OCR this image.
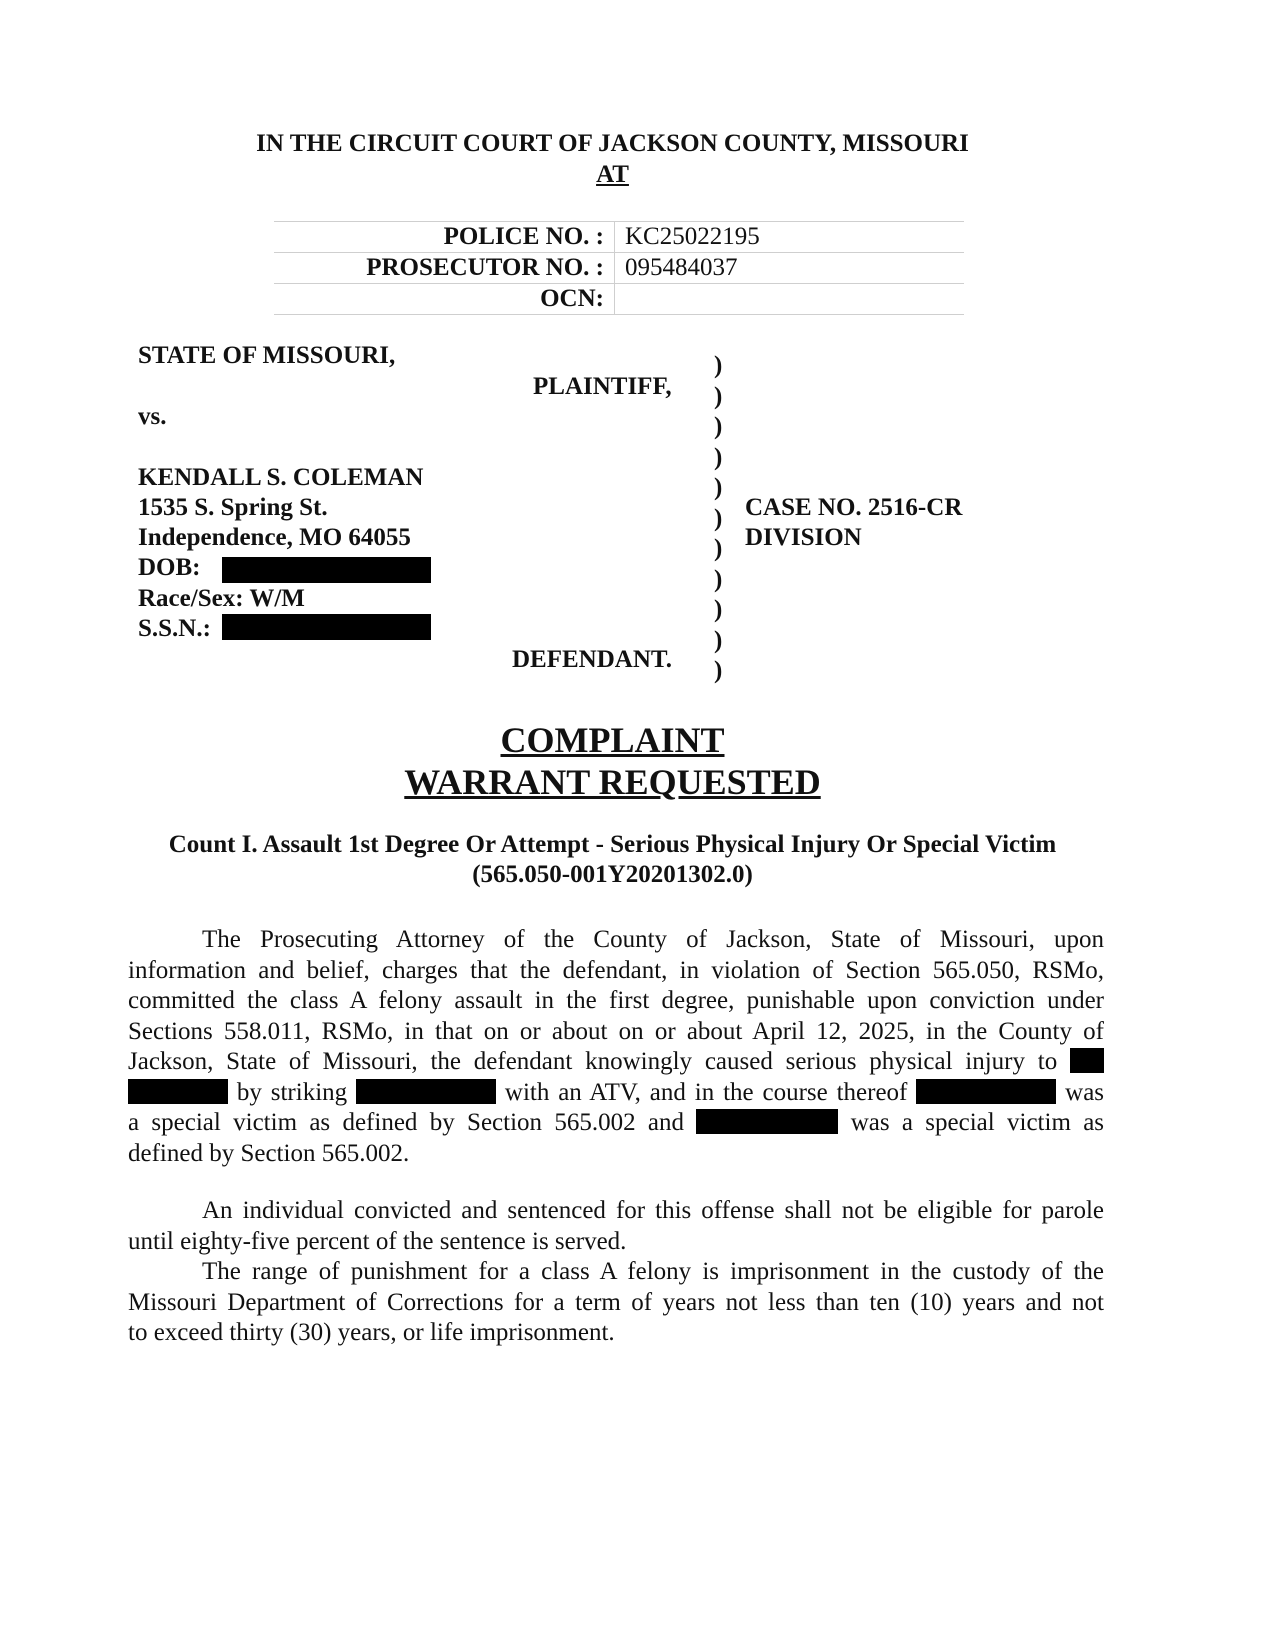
IN THE CIRCUIT COURT OF JACKSON COUNTY, MISSOURI
AT
POLICE NO. :	KC25022195
PROSECUTOR NO. :	095484037
OCN:	
STATE OF MISSOURI,
PLAINTIFF,
vs.
KENDALL S. COLEMAN
1535 S. Spring St.
Independence, MO 64055
DOB:
Race/Sex: W/M
S.S.N.:
DEFENDANT.
)
)
)
)
)
)
)
)
)
)
)
CASE NO. 2516-CR
DIVISION
COMPLAINT
WARRANT REQUESTED
Count I. Assault 1st Degree Or Attempt - Serious Physical Injury Or Special Victim
(565.050-001Y20201302.0)
The Prosecuting Attorney of the County of Jackson, State of Missouri, upon
information and belief, charges that the defendant, in violation of Section 565.050, RSMo,
committed the class A felony assault in the first degree, punishable upon conviction under
Sections 558.011, RSMo, in that on or about on or about April 12, 2025, in the County of
Jackson, State of Missouri, the defendant knowingly caused serious physical injury to
by striking	with an ATV, and in the course thereof	was
a special victim as defined by Section 565.002 and	was a special victim as
defined by Section 565.002.
An individual convicted and sentenced for this offense shall not be eligible for parole
until eighty-five percent of the sentence is served.
The range of punishment for a class A felony is imprisonment in the custody of the
Missouri Department of Corrections for a term of years not less than ten (10) years and not
to exceed thirty (30) years, or life imprisonment.
